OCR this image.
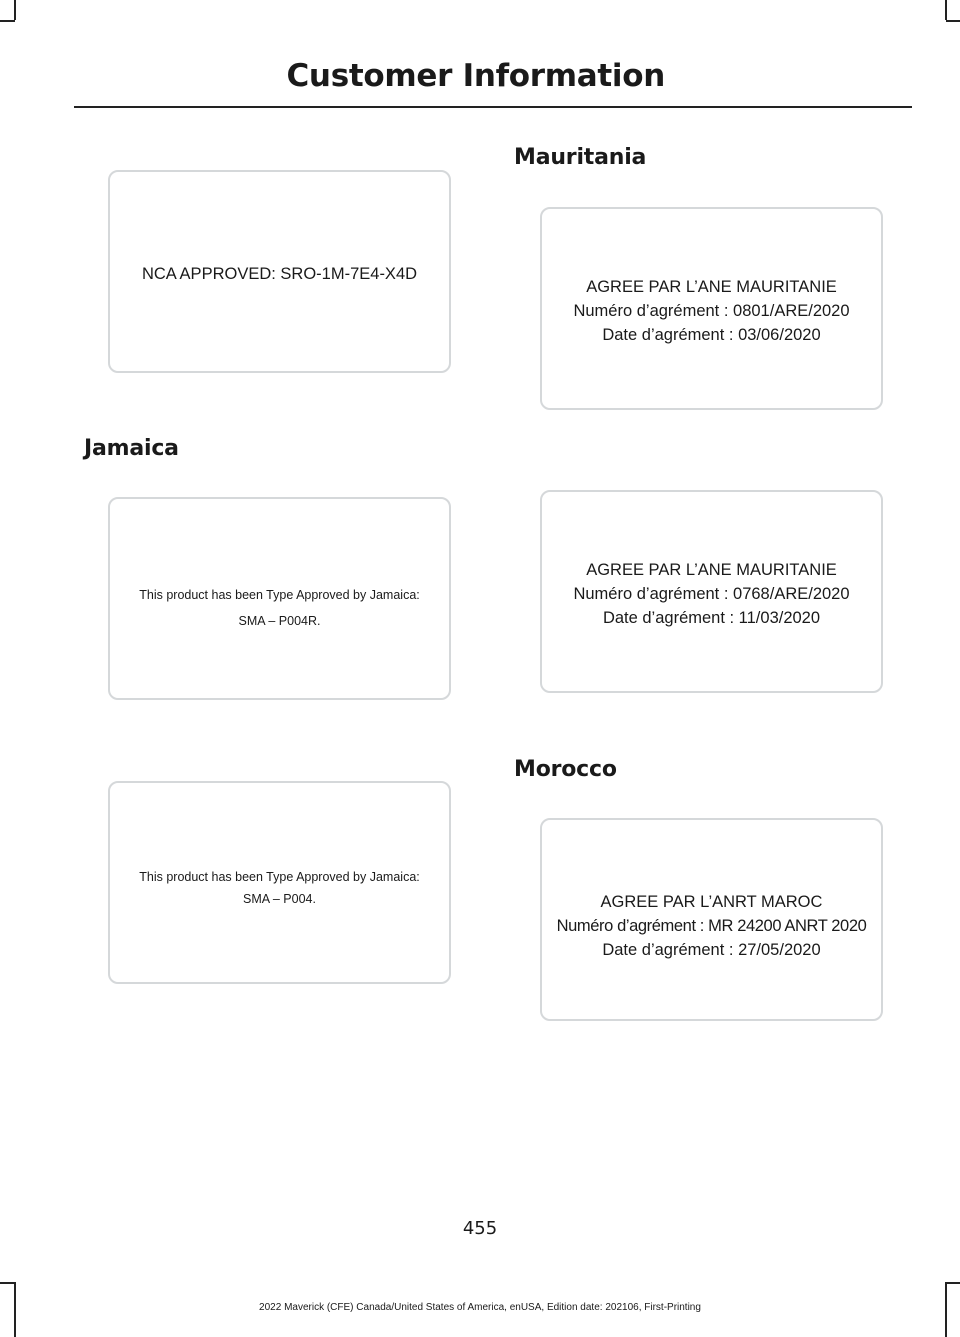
Customer Information
NCA APPROVED: SRO-1M-7E4-X4D
Jamaica
This product has been Type Approved by Jamaica:
SMA – P004R.
This product has been Type Approved by Jamaica:
SMA – P004.
Mauritania
AGREE PAR L’ANE MAURITANIE
Numéro d’agrément : 0801/ARE/2020
Date d’agrément : 03/06/2020
AGREE PAR L’ANE MAURITANIE
Numéro d’agrément : 0768/ARE/2020
Date d’agrément : 11/03/2020
Morocco
AGREE PAR L’ANRT MAROC
Numéro d’agrément : MR 24200 ANRT 2020
Date d’agrément : 27/05/2020
455
2022 Maverick (CFE) Canada/United States of America, enUSA, Edition date: 202106, First-Printing
